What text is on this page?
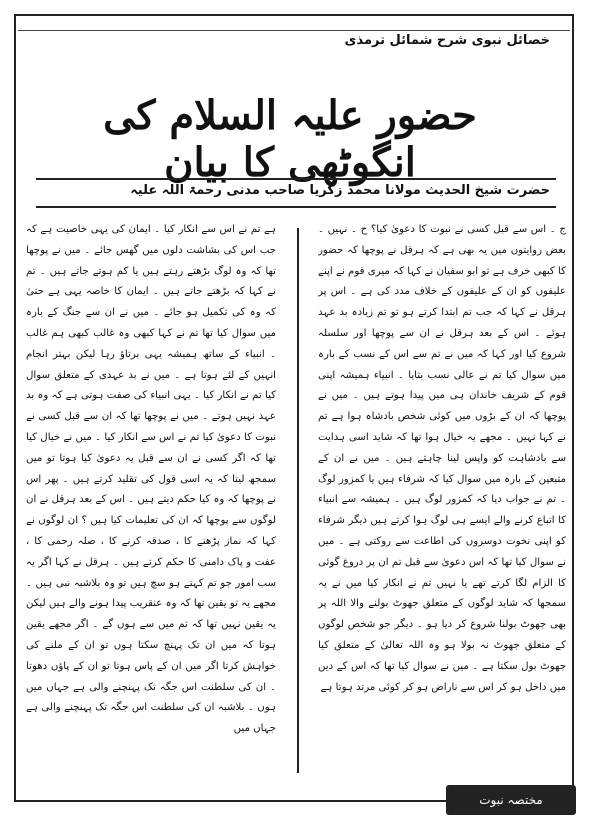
خصائل نبوی شرح شمائل ترمذی
حضور علیہ السلام کی انگوٹھی کا بیان
حضرت شیخ الحدیث مولانا محمد زکریا صاحب مدنی رحمۃ اللہ علیہ

ج ۔ اس سے قبل کسی نے نبوت کا دعویٰ کیا؟ ح ۔ نہیں ۔ بعض روایتوں میں یہ بھی ہے کہ ہرقل نے پوچھا کہ حضور کا کبھی خرف ہے تو ابو سفیان نے کہا کہ میری قوم نے اپنے علیفوں کو ان کے علیفوں کے خلاف مدد کی ہے ۔ اس پر ہرقل نے کہا کہ جب تم ابتدا کرتے ہو تو تم زیادہ بد عہد ہوئے ۔ اس کے بعد ہرقل نے ان سے پوچھا اور سلسلہ شروع کیا اور کہا کہ میں نے تم سے اس کے نسب کے بارہ میں سوال کیا تم نے عالی نسب بتایا ۔ انبیاء ہمیشہ اپنی قوم کے شریف خاندان ہی میں پیدا ہوتے ہیں ۔ میں نے پوچھا کہ ان کے بڑوں میں کوئی شخص بادشاہ ہوا ہے تم نے کہا نہیں ۔ مجھے یہ خیال ہوا تھا کہ شاید اسی ہدایت سے بادشاہت کو واپس لینا چاہتے ہیں ۔ میں نے ان کے متبعین کے بارہ میں سوال کیا کہ شرفاء ہیں یا کمزور لوگ ۔ تم نے جواب دیا کہ کمزور لوگ ہیں ۔ ہمیشہ سے انبیاء کا اتباع کرنے والے ایسے ہی لوگ ہوا کرتے ہیں دیگر شرفاء کو اپنی نخوت دوسروں کی اطاعت سے روکتی ہے ۔ میں نے سوال کیا تھا کہ اس دعویٰ سے قبل تم ان پر دروغ گوئی کا الزام لگا کرتے تھے یا نہیں تم نے انکار کیا میں نے یہ سمجھا کہ شاید لوگوں کے متعلق جھوٹ بولنے والا اللہ پر بھی جھوٹ بولنا شروع کر دیا ہو ۔ دیگر جو شخص لوگوں کے متعلق جھوٹ نہ بولا ہو وہ اللہ تعالیٰ کے متعلق کیا جھوٹ بول سکتا ہے ۔ میں نے سوال کیا تھا کہ اس کے دین میں داخل ہو کر اس سے ناراض ہو کر کوئی مرتد ہوتا ہے

ہے تم نے اس سے انکار کیا ۔ ایمان کی یہی خاصیت ہے کہ جب اس کی بشاشت دلوں میں گھس جائے ۔ میں نے پوچھا تھا کہ وہ لوگ بڑھتے رہتے ہیں یا کم ہوتے جاتے ہیں ۔ تم نے کہا کہ بڑھتے جاتے ہیں ۔ ایمان کا خاصہ یہی ہے حتیٰ کہ وہ کی تکمیل ہو جائے ۔ میں نے ان سے جنگ کے بارہ میں سوال کیا تھا تم نے کہا کبھی وہ غالب کبھی ہم غالب ۔ انبیاء کے ساتھ ہمیشہ یہی برتاؤ رہا لیکن بہتر انجام انہیں کے لئے ہوتا ہے ۔ میں نے بد عہدی کے متعلق سوال کیا تم نے انکار کیا ۔ یہی انبیاء کی صفت ہوتی ہے کہ وہ بد عہد نہیں ہوتے ۔ میں نے پوچھا تھا کہ ان سے قبل کسی نے نبوت کا دعویٰ کیا تم نے اس سے انکار کیا ۔ میں نے خیال کیا تھا کہ اگر کسی نے ان سے قبل یہ دعویٰ کیا ہوتا تو میں سمجھ لیتا کہ یہ اسی قول کی تقلید کرتے ہیں ۔ پھر اس نے پوچھا کہ وہ کیا حکم دیتے ہیں ۔ اس کے بعد ہرقل نے ان لوگوں سے پوچھا کہ ان کی تعلیمات کیا ہیں ؟ ان لوگوں نے کہا کہ نماز پڑھنے کا ، صدقہ کرنے کا ، صلہ رحمی کا ، عفت و پاک دامنی کا حکم کرتے ہیں ۔ ہرقل نے کہا اگر یہ سب امور جو تم کہتے ہو سچ ہیں تو وہ بلاشبہ نبی ہیں ۔ مجھے یہ تو یقین تھا کہ وہ عنقریب پیدا ہونے والے ہیں لیکن یہ یقین نہیں تھا کہ تم میں سے ہوں گے ۔ اگر مجھے یقین ہوتا کہ میں ان تک پہنچ سکتا ہوں تو ان کے ملنے کی خواہش کرتا اگر میں ان کے پاس ہوتا تو ان کے پاؤں دھوتا ۔ ان کی سلطنت اس جگہ تک پہنچنے والی ہے جہاں میں ہوں ۔ بلاشبہ ان کی سلطنت اس جگہ تک پہنچنے والی ہے جہاں میں

مختصہ نبوت
